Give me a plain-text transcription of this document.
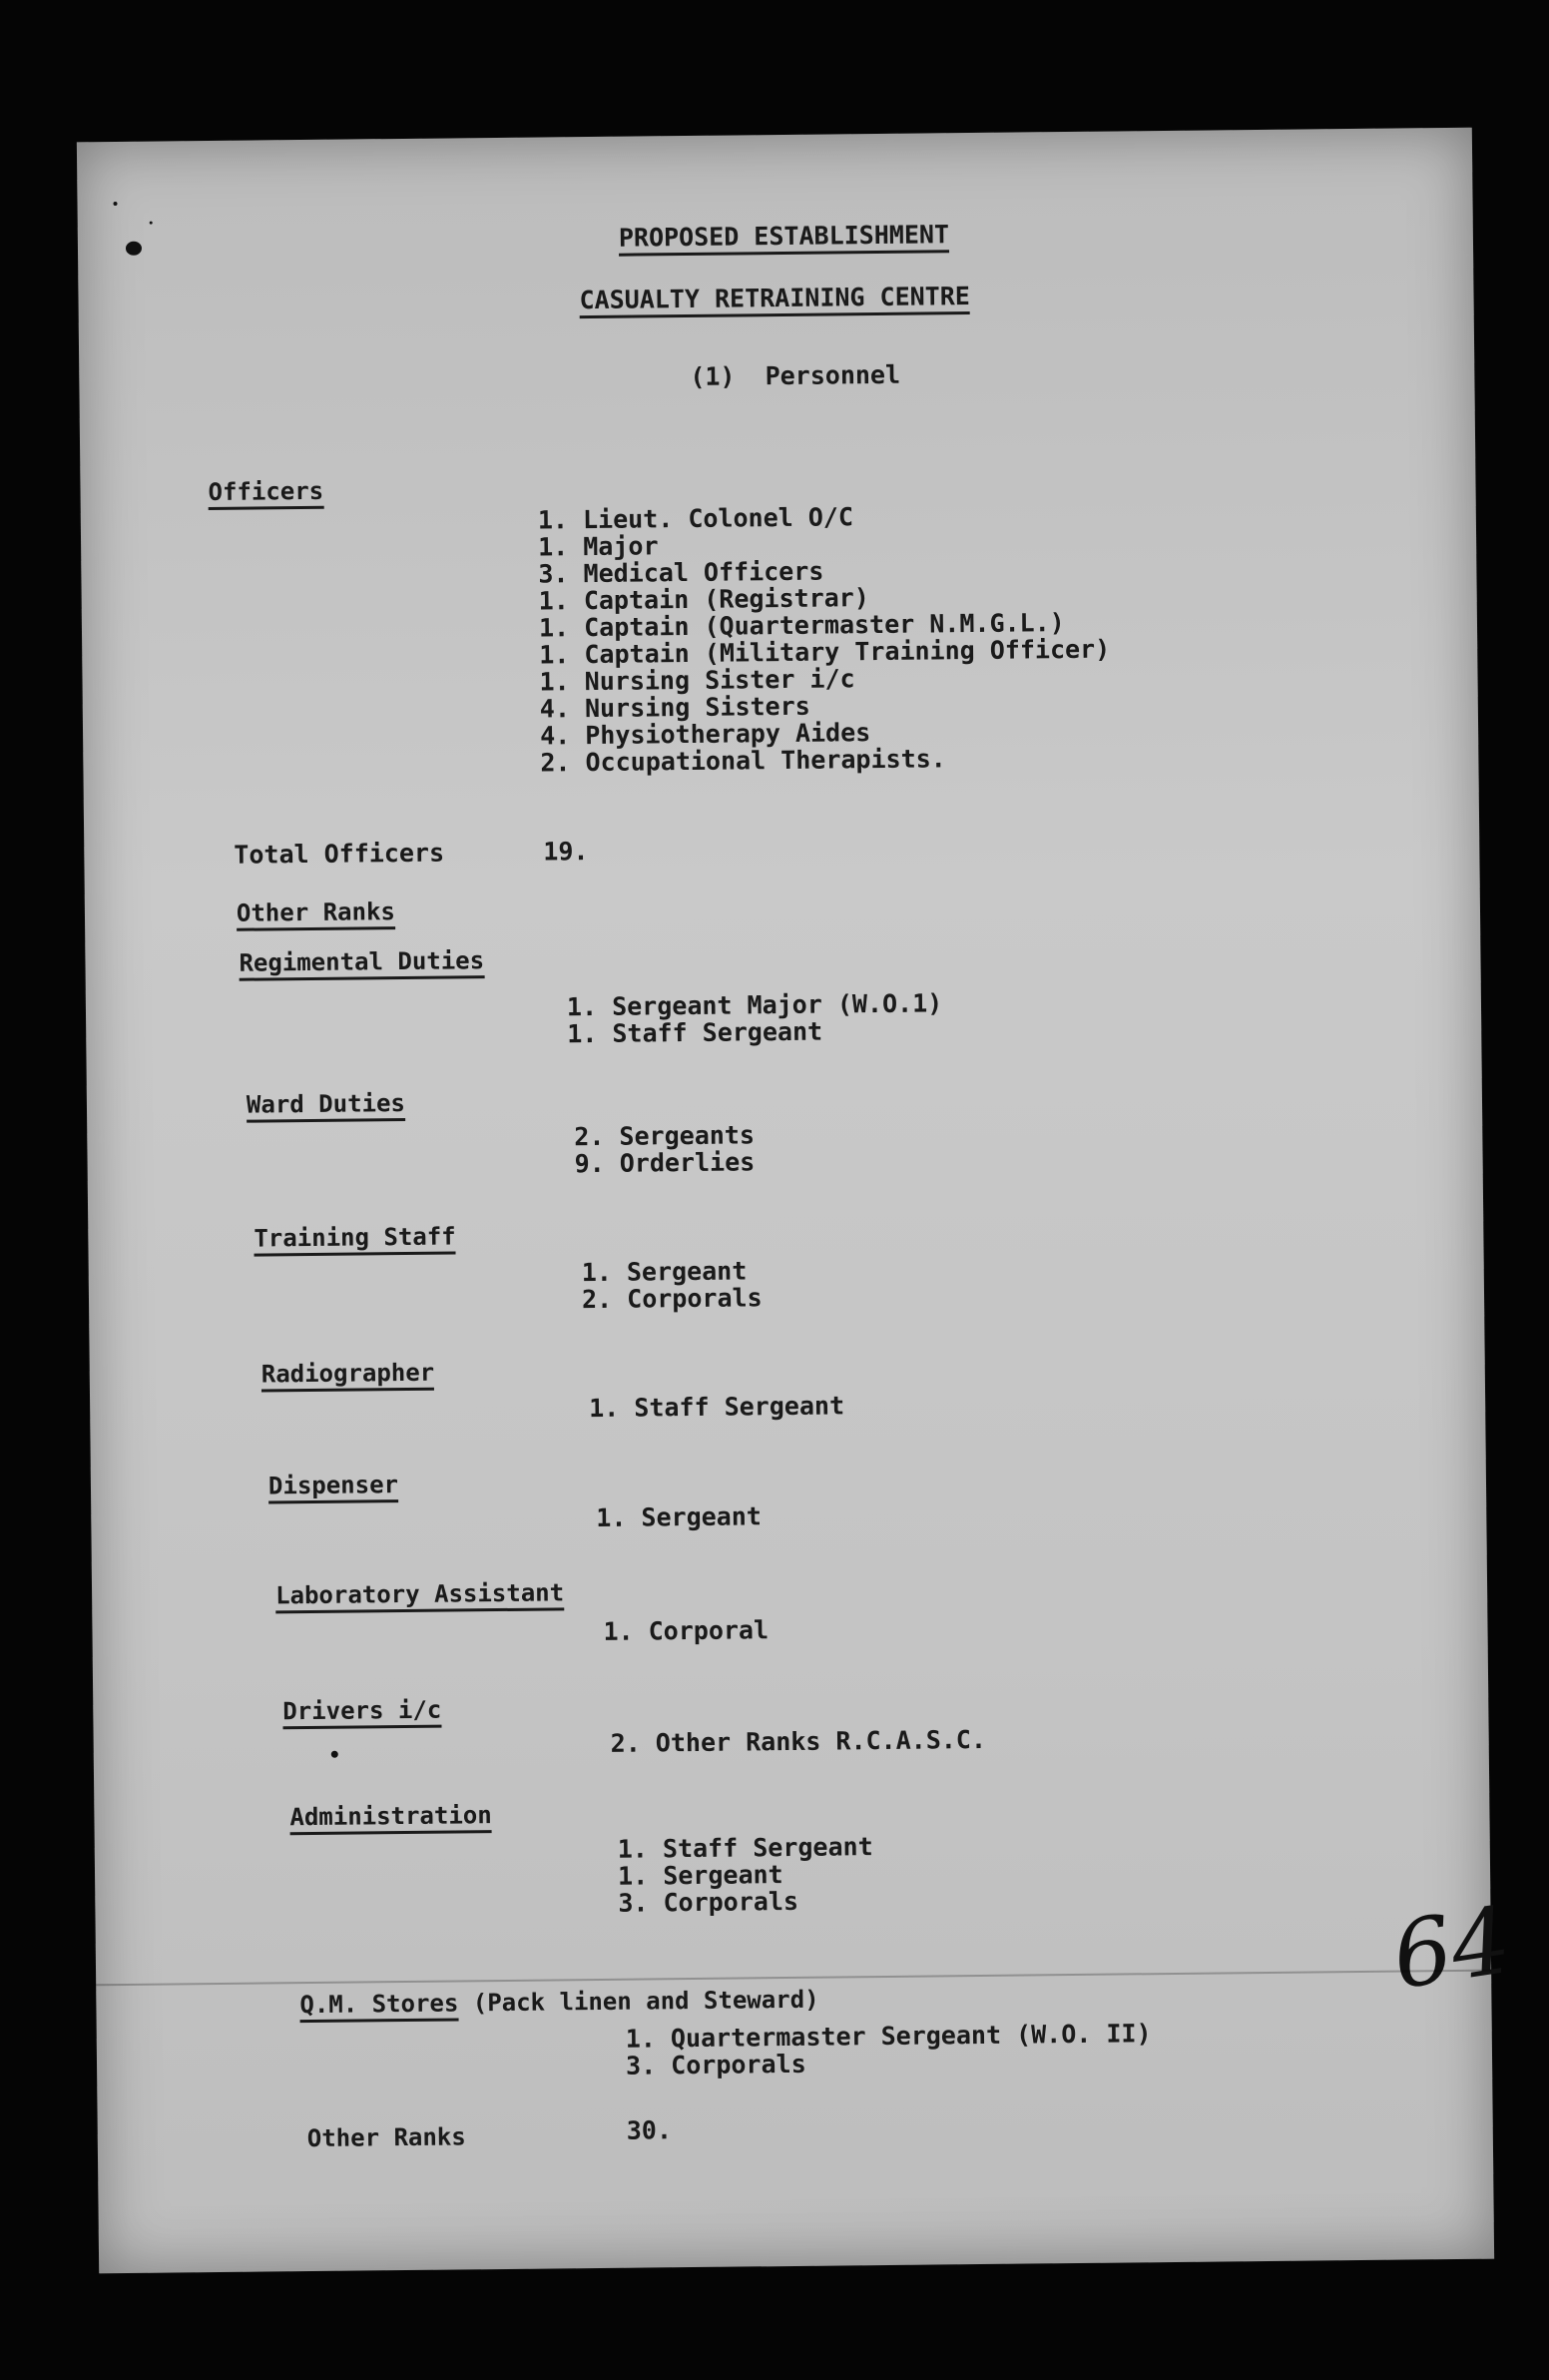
PROPOSED ESTABLISHMENT
CASUALTY RETRAINING CENTRE
(1)  Personnel
Officers
1. Lieut. Colonel O/C
1. Major
3. Medical Officers
1. Captain (Registrar)
1. Captain (Quartermaster N.M.G.L.)
1. Captain (Military Training Officer)
1. Nursing Sister i/c
4. Nursing Sisters
4. Physiotherapy Aides
2. Occupational Therapists.
Total Officers	19.
Other Ranks
Regimental Duties
1. Sergeant Major (W.O.1)
1. Staff Sergeant
Ward Duties
2. Sergeants
9. Orderlies
Training Staff
1. Sergeant
2. Corporals
Radiographer
1. Staff Sergeant
Dispenser
1. Sergeant
Laboratory Assistant
1. Corporal
Drivers i/c
2. Other Ranks R.C.A.S.C.
Administration
1. Staff Sergeant
1. Sergeant
3. Corporals	64
Q.M. Stores (Pack linen and Steward)
1. Quartermaster Sergeant (W.O. II)
3. Corporals
Other Ranks	30.
